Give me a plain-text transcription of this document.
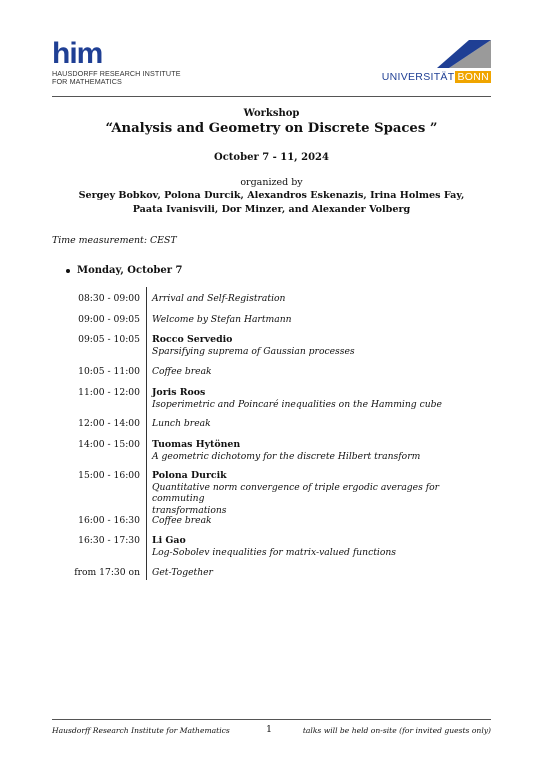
him
HAUSDORFF RESEARCH INSTITUTE
FOR MATHEMATICS	UNIVERSITÄT BONN
Workshop
“Analysis and Geometry on Discrete Spaces ”
October 7 - 11, 2024
organized by
Sergey Bobkov, Polona Durcik, Alexandros Eskenazis, Irina Holmes Fay,
Paata Ivanisvili, Dor Minzer, and Alexander Volberg
Time measurement: CEST
Monday, October 7
08:30 - 09:00 Arrival and Self-Registration
09:00 - 09:05 Welcome by Stefan Hartmann
09:05 - 10:05 Rocco Servedio
Sparsifying suprema of Gaussian processes
10:05 - 11:00 Coffee break
11:00 - 12:00 Joris Roos
Isoperimetric and Poincaré inequalities on the Hamming cube
12:00 - 14:00 Lunch break
14:00 - 15:00 Tuomas Hytönen
A geometric dichotomy for the discrete Hilbert transform
15:00 - 16:00 Polona Durcik
Quantitative norm convergence of triple ergodic averages for commuting
transformations
16:00 - 16:30 Coffee break
16:30 - 17:30 Li Gao
Log-Sobolev inequalities for matrix-valued functions
from 17:30 on Get-Together
Hausdorff Research Institute for Mathematics	1	talks will be held on-site (for invited guests only)
